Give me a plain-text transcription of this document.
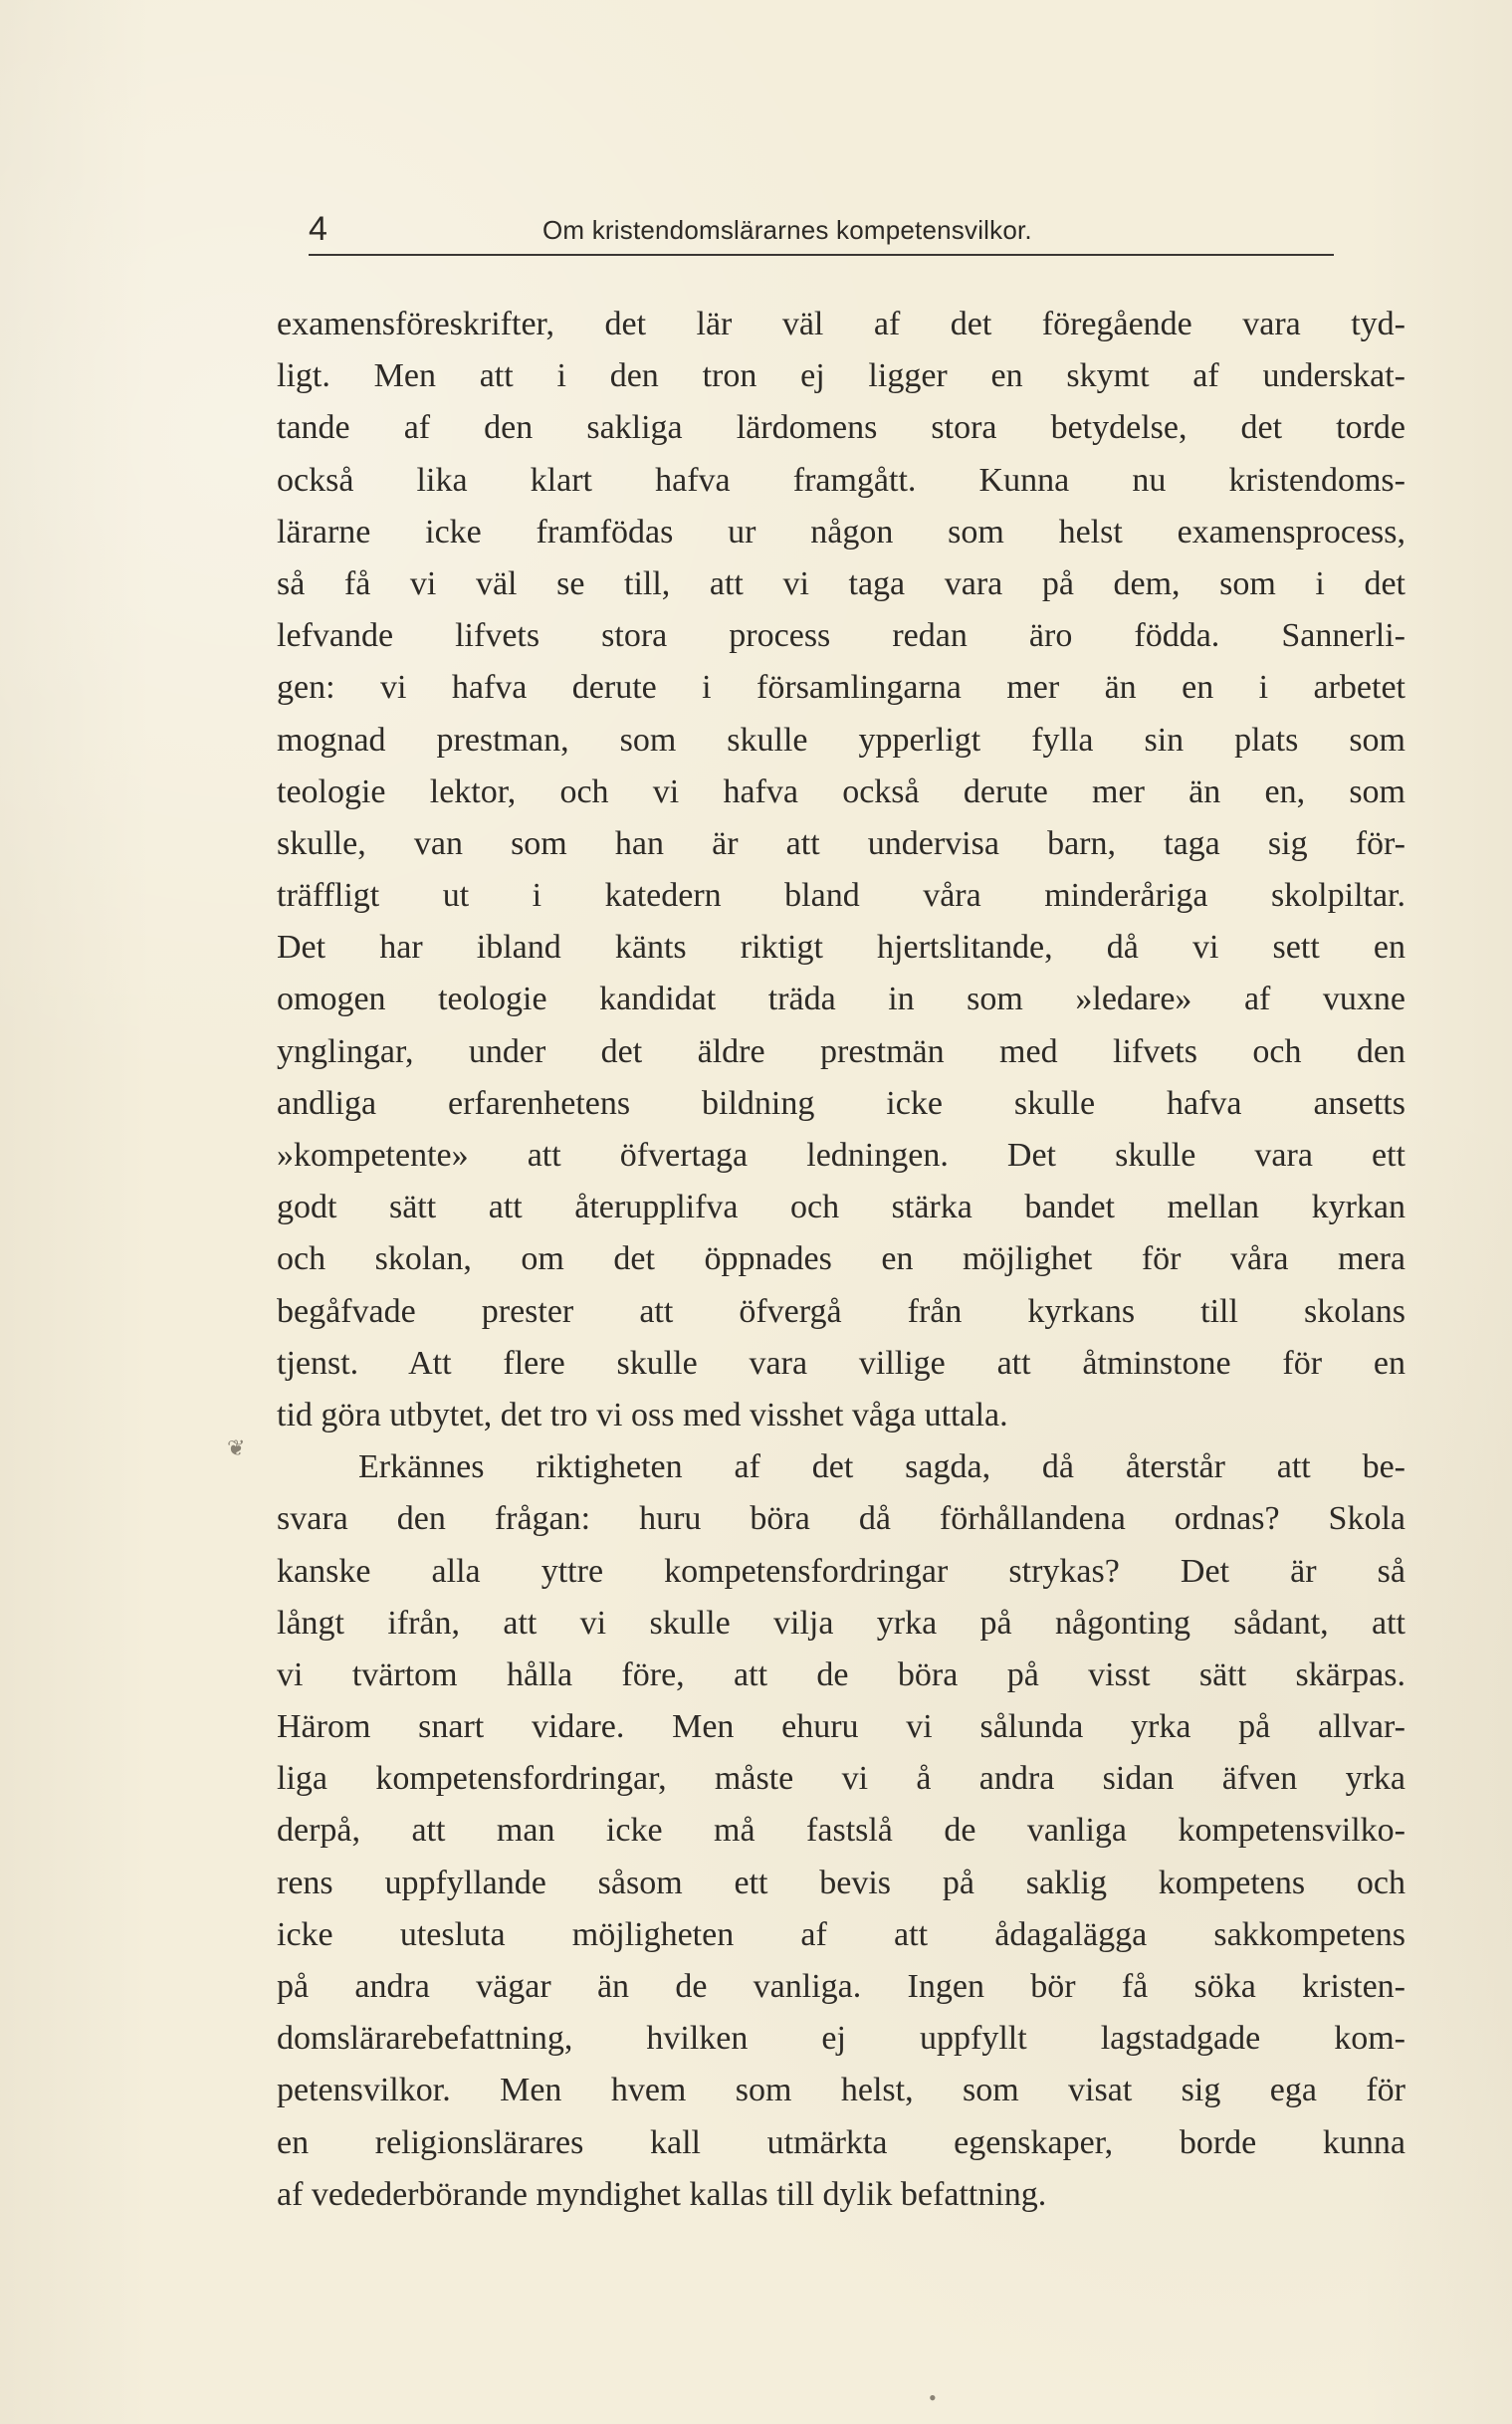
4	Om kristendomslärarnes kompetensvilkor.
examensföreskrifter, det lär väl af det föregående vara tyd-
ligt. Men att i den tron ej ligger en skymt af underskat-
tande af den sakliga lärdomens stora betydelse, det torde
också lika klart hafva framgått. Kunna nu kristendoms-
lärarne icke framfödas ur någon som helst examensprocess,
så få vi väl se till, att vi taga vara på dem, som i det
lefvande lifvets stora process redan äro födda. Sannerli-
gen: vi hafva derute i församlingarna mer än en i arbetet
mognad prestman, som skulle ypperligt fylla sin plats som
teologie lektor, och vi hafva också derute mer än en, som
skulle, van som han är att undervisa barn, taga sig för-
träffligt ut i katedern bland våra minderåriga skolpiltar.
Det har ibland känts riktigt hjertslitande, då vi sett en
omogen teologie kandidat träda in som »ledare» af vuxne
ynglingar, under det äldre prestmän med lifvets och den
andliga erfarenhetens bildning icke skulle hafva ansetts
»kompetente» att öfvertaga ledningen. Det skulle vara ett
godt sätt att återupplifva och stärka bandet mellan kyrkan
och skolan, om det öppnades en möjlighet för våra mera
begåfvade prester att öfvergå från kyrkans till skolans
tjenst. Att flere skulle vara villige att åtminstone för en
tid göra utbytet, det tro vi oss med visshet våga uttala.
Erkännes riktigheten af det sagda, då återstår att be-
svara den frågan: huru böra då förhållandena ordnas? Skola
kanske alla yttre kompetensfordringar strykas? Det är så
långt ifrån, att vi skulle vilja yrka på någonting sådant, att
vi tvärtom hålla före, att de böra på visst sätt skärpas.
Härom snart vidare. Men ehuru vi sålunda yrka på allvar-
liga kompetensfordringar, måste vi å andra sidan äfven yrka
derpå, att man icke må fastslå de vanliga kompetensvilko-
rens uppfyllande såsom ett bevis på saklig kompetens och
icke utesluta möjligheten af att ådagalägga sakkompetens
på andra vägar än de vanliga. Ingen bör få söka kristen-
domslärarebefattning, hvilken ej uppfyllt lagstadgade kom-
petensvilkor. Men hvem som helst, som visat sig ega för
en religionslärares kall utmärkta egenskaper, borde kunna
af vedederbörande myndighet kallas till dylik befattning.
❦
•
